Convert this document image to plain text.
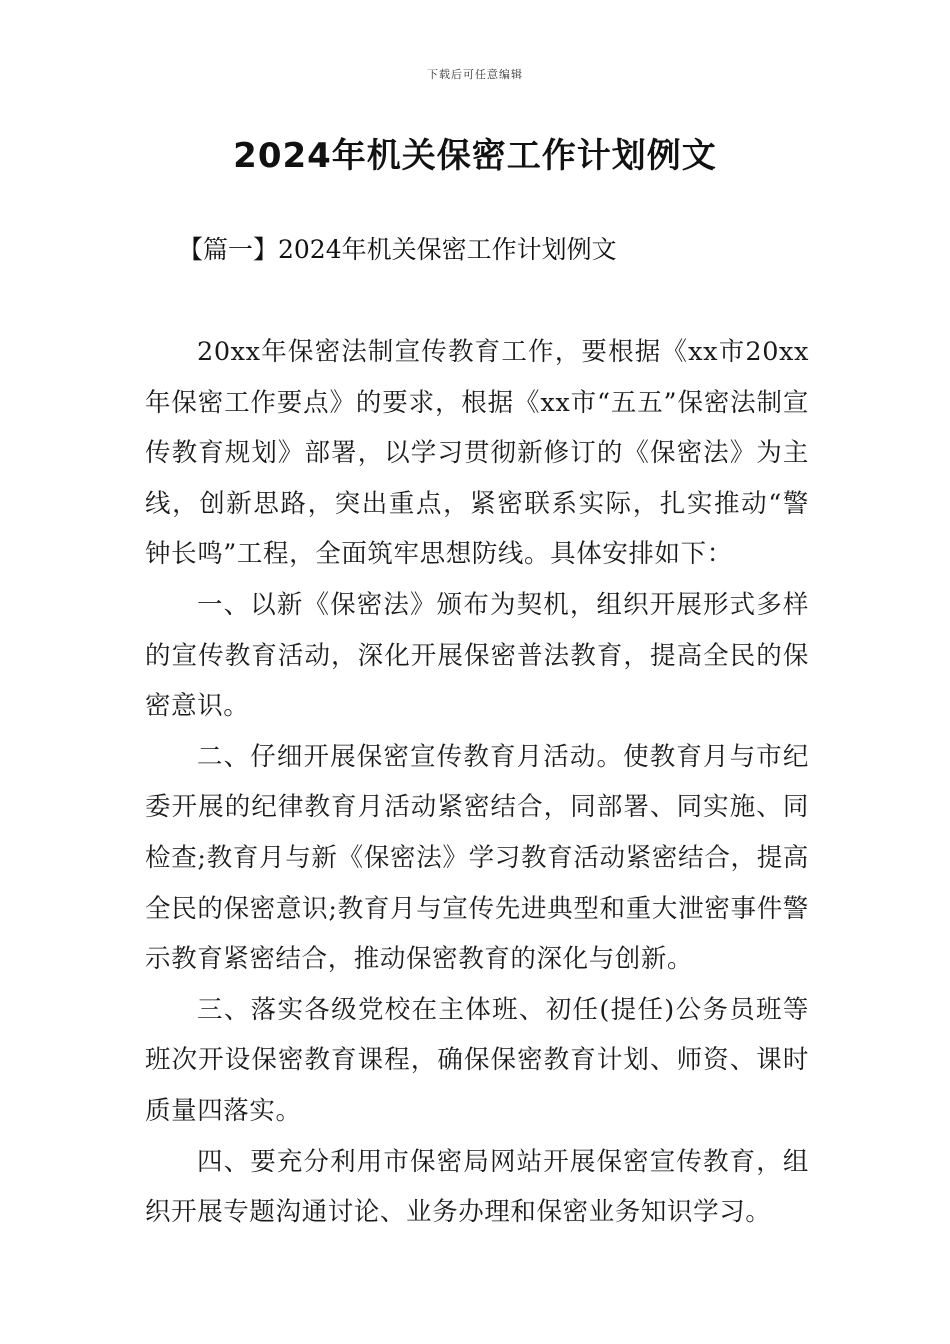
下载后可任意编辑
2024年机关保密工作计划例文
【篇一】2024年机关保密工作计划例文

20xx年保密法制宣传教育工作，要根据《xx市20xx年保密工作要点》的要求，根据《xx市“五五”保密法制宣传教育规划》部署，以学习贯彻新修订的《保密法》为主线，创新思路，突出重点，紧密联系实际，扎实推动“警钟长鸣”工程，全面筑牢思想防线。具体安排如下：

一、以新《保密法》颁布为契机，组织开展形式多样的宣传教育活动，深化开展保密普法教育，提高全民的保密意识。

二、仔细开展保密宣传教育月活动。使教育月与市纪委开展的纪律教育月活动紧密结合，同部署、同实施、同检查;教育月与新《保密法》学习教育活动紧密结合，提高全民的保密意识;教育月与宣传先进典型和重大泄密事件警示教育紧密结合，推动保密教育的深化与创新。

三、落实各级党校在主体班、初任(提任)公务员班等班次开设保密教育课程，确保保密教育计划、师资、课时质量四落实。

四、要充分利用市保密局网站开展保密宣传教育，组织开展专题沟通讨论、业务办理和保密业务知识学习。
